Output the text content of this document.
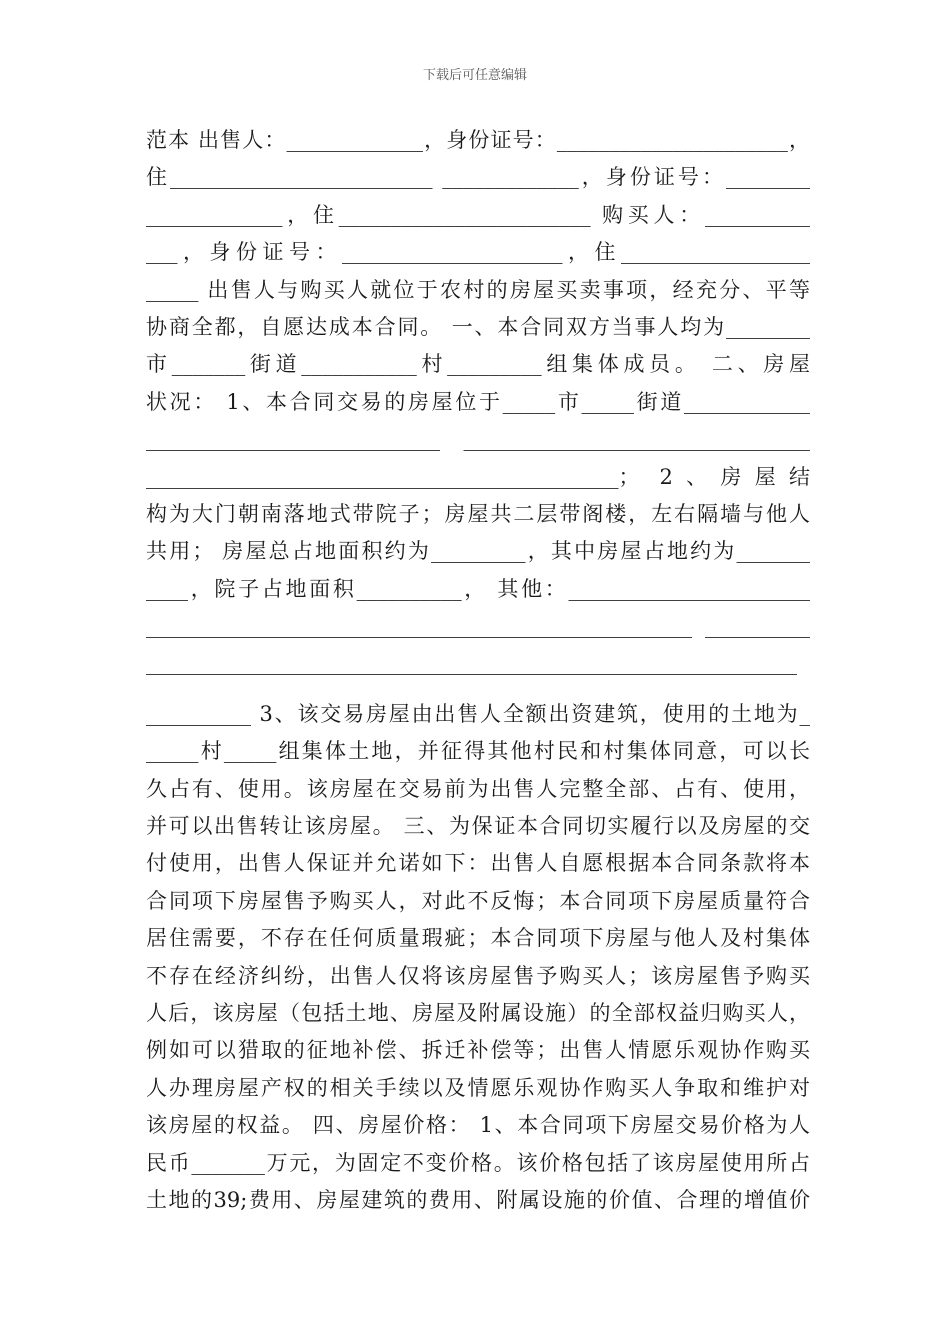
下载后可任意编辑
范本 出售人：_____________，身份证号：______________________，
住_________________________ _____________，身份证号：________
_____________，住________________________ 购买人：__________
___，身份证号：_____________________，住__________________
_____ 出售人与购买人就位于农村的房屋买卖事项，经充分、平等
协商全都，自愿达成本合同。 一、本合同双方当事人均为________
市_______街道___________村_________组集体成员。 二、房屋
状况： 1、本合同交易的房屋位于_____市_____街道____________
____________________________ _________________________________
_____________________________________________； 2、房屋结
构为大门朝南落地式带院子；房屋共二层带阁楼，左右隔墙与他人
共用； 房屋总占地面积约为_________，其中房屋占地约为_______
____，院子占地面积__________， 其他：_______________________
____________________________________________________ __________
______________________________________________________________
__________ 3、该交易房屋由出售人全额出资建筑，使用的土地为_
_____村_____组集体土地，并征得其他村民和村集体同意，可以长
久占有、使用。该房屋在交易前为出售人完整全部、占有、使用，
并可以出售转让该房屋。 三、为保证本合同切实履行以及房屋的交
付使用，出售人保证并允诺如下：出售人自愿根据本合同条款将本
合同项下房屋售予购买人，对此不反悔；本合同项下房屋质量符合
居住需要，不存在任何质量瑕疵；本合同项下房屋与他人及村集体
不存在经济纠纷，出售人仅将该房屋售予购买人；该房屋售予购买
人后，该房屋（包括土地、房屋及附属设施）的全部权益归购买人，
例如可以猎取的征地补偿、拆迁补偿等；出售人情愿乐观协作购买
人办理房屋产权的相关手续以及情愿乐观协作购买人争取和维护对
该房屋的权益。 四、房屋价格： 1、本合同项下房屋交易价格为人
民币_______万元，为固定不变价格。该价格包括了该房屋使用所占
土地的39;费用、房屋建筑的费用、附属设施的价值、合理的增值价
